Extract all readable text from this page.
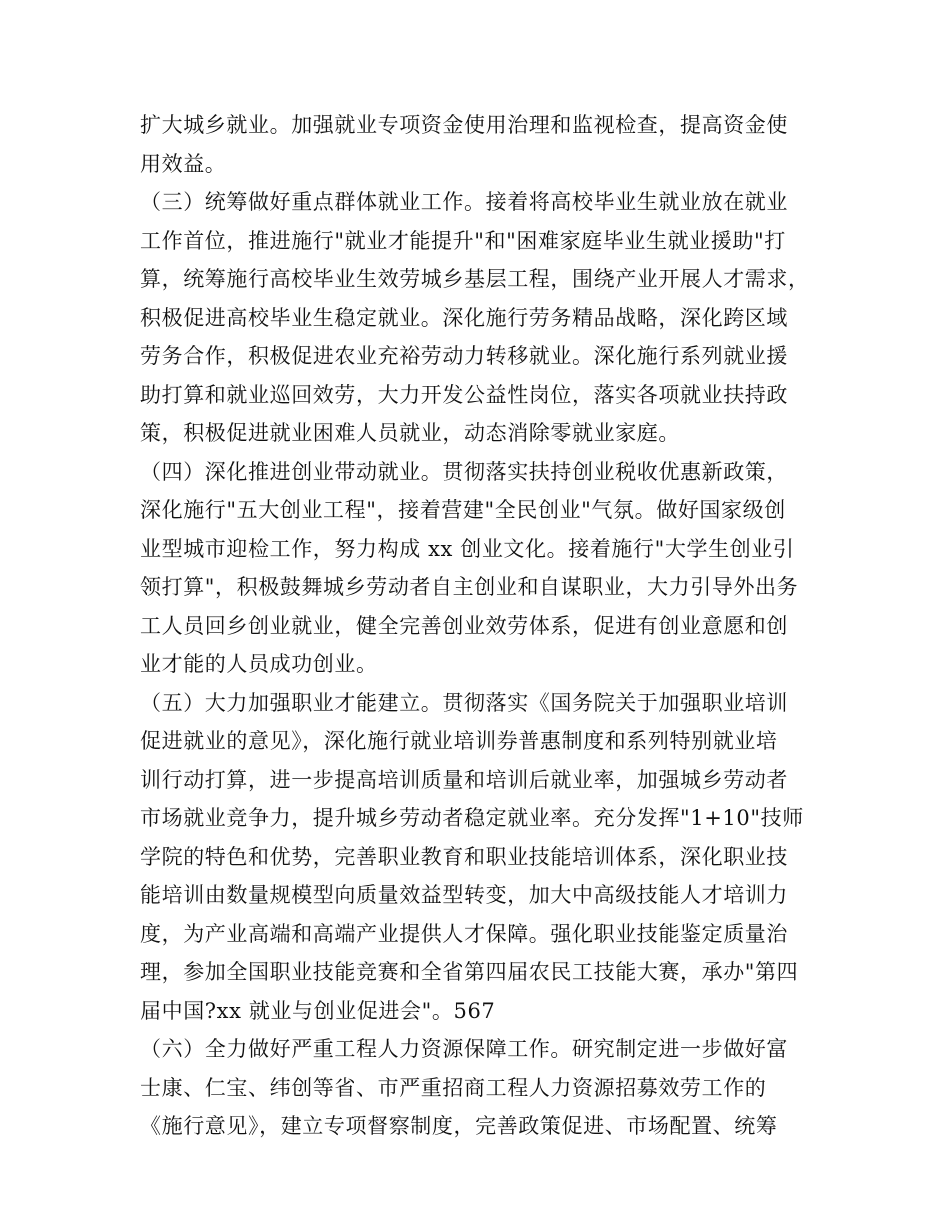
扩大城乡就业。加强就业专项资金使用治理和监视检查，提高资金使
用效益。
（三）统筹做好重点群体就业工作。接着将高校毕业生就业放在就业
工作首位，推进施行"就业才能提升"和"困难家庭毕业生就业援助"打
算，统筹施行高校毕业生效劳城乡基层工程，围绕产业开展人才需求，
积极促进高校毕业生稳定就业。深化施行劳务精品战略，深化跨区域
劳务合作，积极促进农业充裕劳动力转移就业。深化施行系列就业援
助打算和就业巡回效劳，大力开发公益性岗位，落实各项就业扶持政
策，积极促进就业困难人员就业，动态消除零就业家庭。
（四）深化推进创业带动就业。贯彻落实扶持创业税收优惠新政策，
深化施行"五大创业工程"，接着营建"全民创业"气氛。做好国家级创
业型城市迎检工作，努力构成 xx 创业文化。接着施行"大学生创业引
领打算"，积极鼓舞城乡劳动者自主创业和自谋职业，大力引导外出务
工人员回乡创业就业，健全完善创业效劳体系，促进有创业意愿和创
业才能的人员成功创业。
（五）大力加强职业才能建立。贯彻落实《国务院关于加强职业培训
促进就业的意见》，深化施行就业培训券普惠制度和系列特别就业培
训行动打算，进一步提高培训质量和培训后就业率，加强城乡劳动者
市场就业竞争力，提升城乡劳动者稳定就业率。充分发挥"1+10"技师
学院的特色和优势，完善职业教育和职业技能培训体系，深化职业技
能培训由数量规模型向质量效益型转变，加大中高级技能人才培训力
度，为产业高端和高端产业提供人才保障。强化职业技能鉴定质量治
理，参加全国职业技能竞赛和全省第四届农民工技能大赛，承办"第四
届中国?xx 就业与创业促进会"。567
（六）全力做好严重工程人力资源保障工作。研究制定进一步做好富
士康、仁宝、纬创等省、市严重招商工程人力资源招募效劳工作的
《施行意见》，建立专项督察制度，完善政策促进、市场配置、统筹
